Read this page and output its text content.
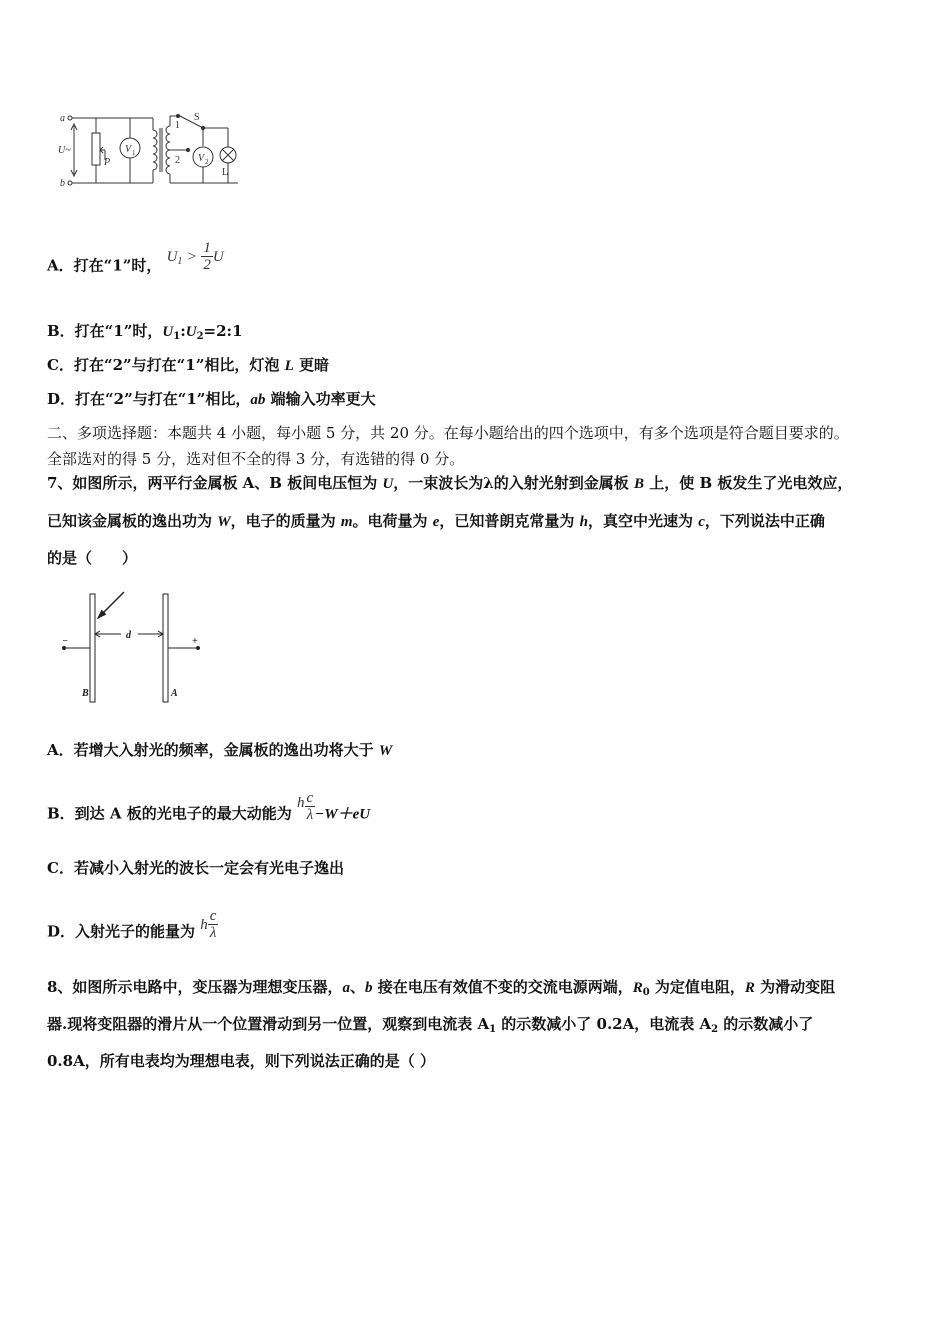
a
b
U~
P
V 1	V 2
1
2
S
L
A．打在“1”时， $U_1 > \frac{1}{2}$ U
B．打在“1”时，$U_1:U_2=2:1$
C．打在“2”与打在“1”相比，灯泡 L 更暗
D．打在“2”与打在“1”相比，ab 端输入功率更大
二、多项选择题：本题共 4 小题，每小题 5 分，共 20 分。在每小题给出的四个选项中，有多个选项是符合题目要求的。
全部选对的得 5 分，选对但不全的得 3 分，有选错的得 0 分。
7、如图所示，两平行金属板 A、B 板间电压恒为 U，一束波长为λ的入射光射到金属板 B 上，使 B 板发生了光电效应，
已知该金属板的逸出功为 W，电子的质量为 m。电荷量为 e，已知普朗克常量为 h，真空中光速为 c，下列说法中正确
的是（　　）
−	+
d
B	A
A．若增大入射光的频率，金属板的逸出功将大于 W
B．到达 A 板的光电子的最大动能为 h $\frac{c}{\lambda} -W+eU$
C．若减小入射光的波长一定会有光电子逸出
D．入射光子的能量为 h $\frac{c}{\lambda}$
8、如图所示电路中，变压器为理想变压器，a、b 接在电压有效值不变的交流电源两端，$R_0$ 为定值电阻，R 为滑动变阻
器.现将变阻器的滑片从一个位置滑动到另一位置，观察到电流表 $A_1$ 的示数减小了 0.2A，电流表 $A_2$ 的示数减小了
0.8A，所有电表均为理想电表，则下列说法正确的是（ ）
